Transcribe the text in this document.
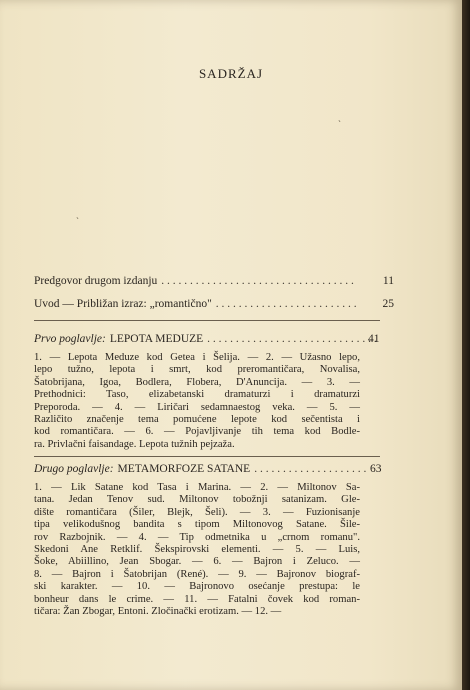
SADRŽAJ
ˏ
ˋ
Predgovor drugom izdanju . . .	11
Uvod — Približan izraz: „romantično" . . .	25
Prvo poglavlje: LEPOTA MEDUZE . . .	41
1. — Lepota Meduze kod Getea i Šelija. — 2. — Užasno lepo,
lepo tužno, lepota i smrt, kod preromantičara, Novalisa,
Šatobrijana, Igoa, Bodlera, Flobera, D'Anuncija. — 3. —
Prethodnici: Taso, elizabetanski dramaturzi i dramaturzi
Preporoda. — 4. — Liričari sedamnaestog veka. — 5. —
Različito značenje tema pomućene lepote kod sečentista i
kod romantičara. — 6. — Pojavljivanje tih tema kod Bodle-
ra. Privlačni faisandage. Lepota tužnih pejzaža.
Drugo poglavlje: METAMORFOZE SATANE . . .	63
1. — Lik Satane kod Tasa i Marina. — 2. — Miltonov Sa-
tana. Jedan Tenov sud. Miltonov tobožnji satanizam. Gle-
dište romantičara (Šiler, Blejk, Šeli). — 3. — Fuzionisanje
tipa velikodušnog bandita s tipom Miltonovog Satane. Šile-
rov Razbojnik. — 4. — Tip odmetnika u „crnom romanu".
Skedoni Ane Retklif. Šekspirovski elementi. — 5. — Luis,
Šoke, Abiillino, Jean Sbogar. — 6. — Bajron i Zeluco. —
8. — Bajron i Šatobrijan (René). — 9. — Bajronov biograf-
ski karakter. — 10. — Bajronovo osećanje prestupa: le
bonheur dans le crime. — 11. — Fatalni čovek kod roman-
tičara: Žan Zbogar, Entoni. Zločinački erotizam. — 12. —
